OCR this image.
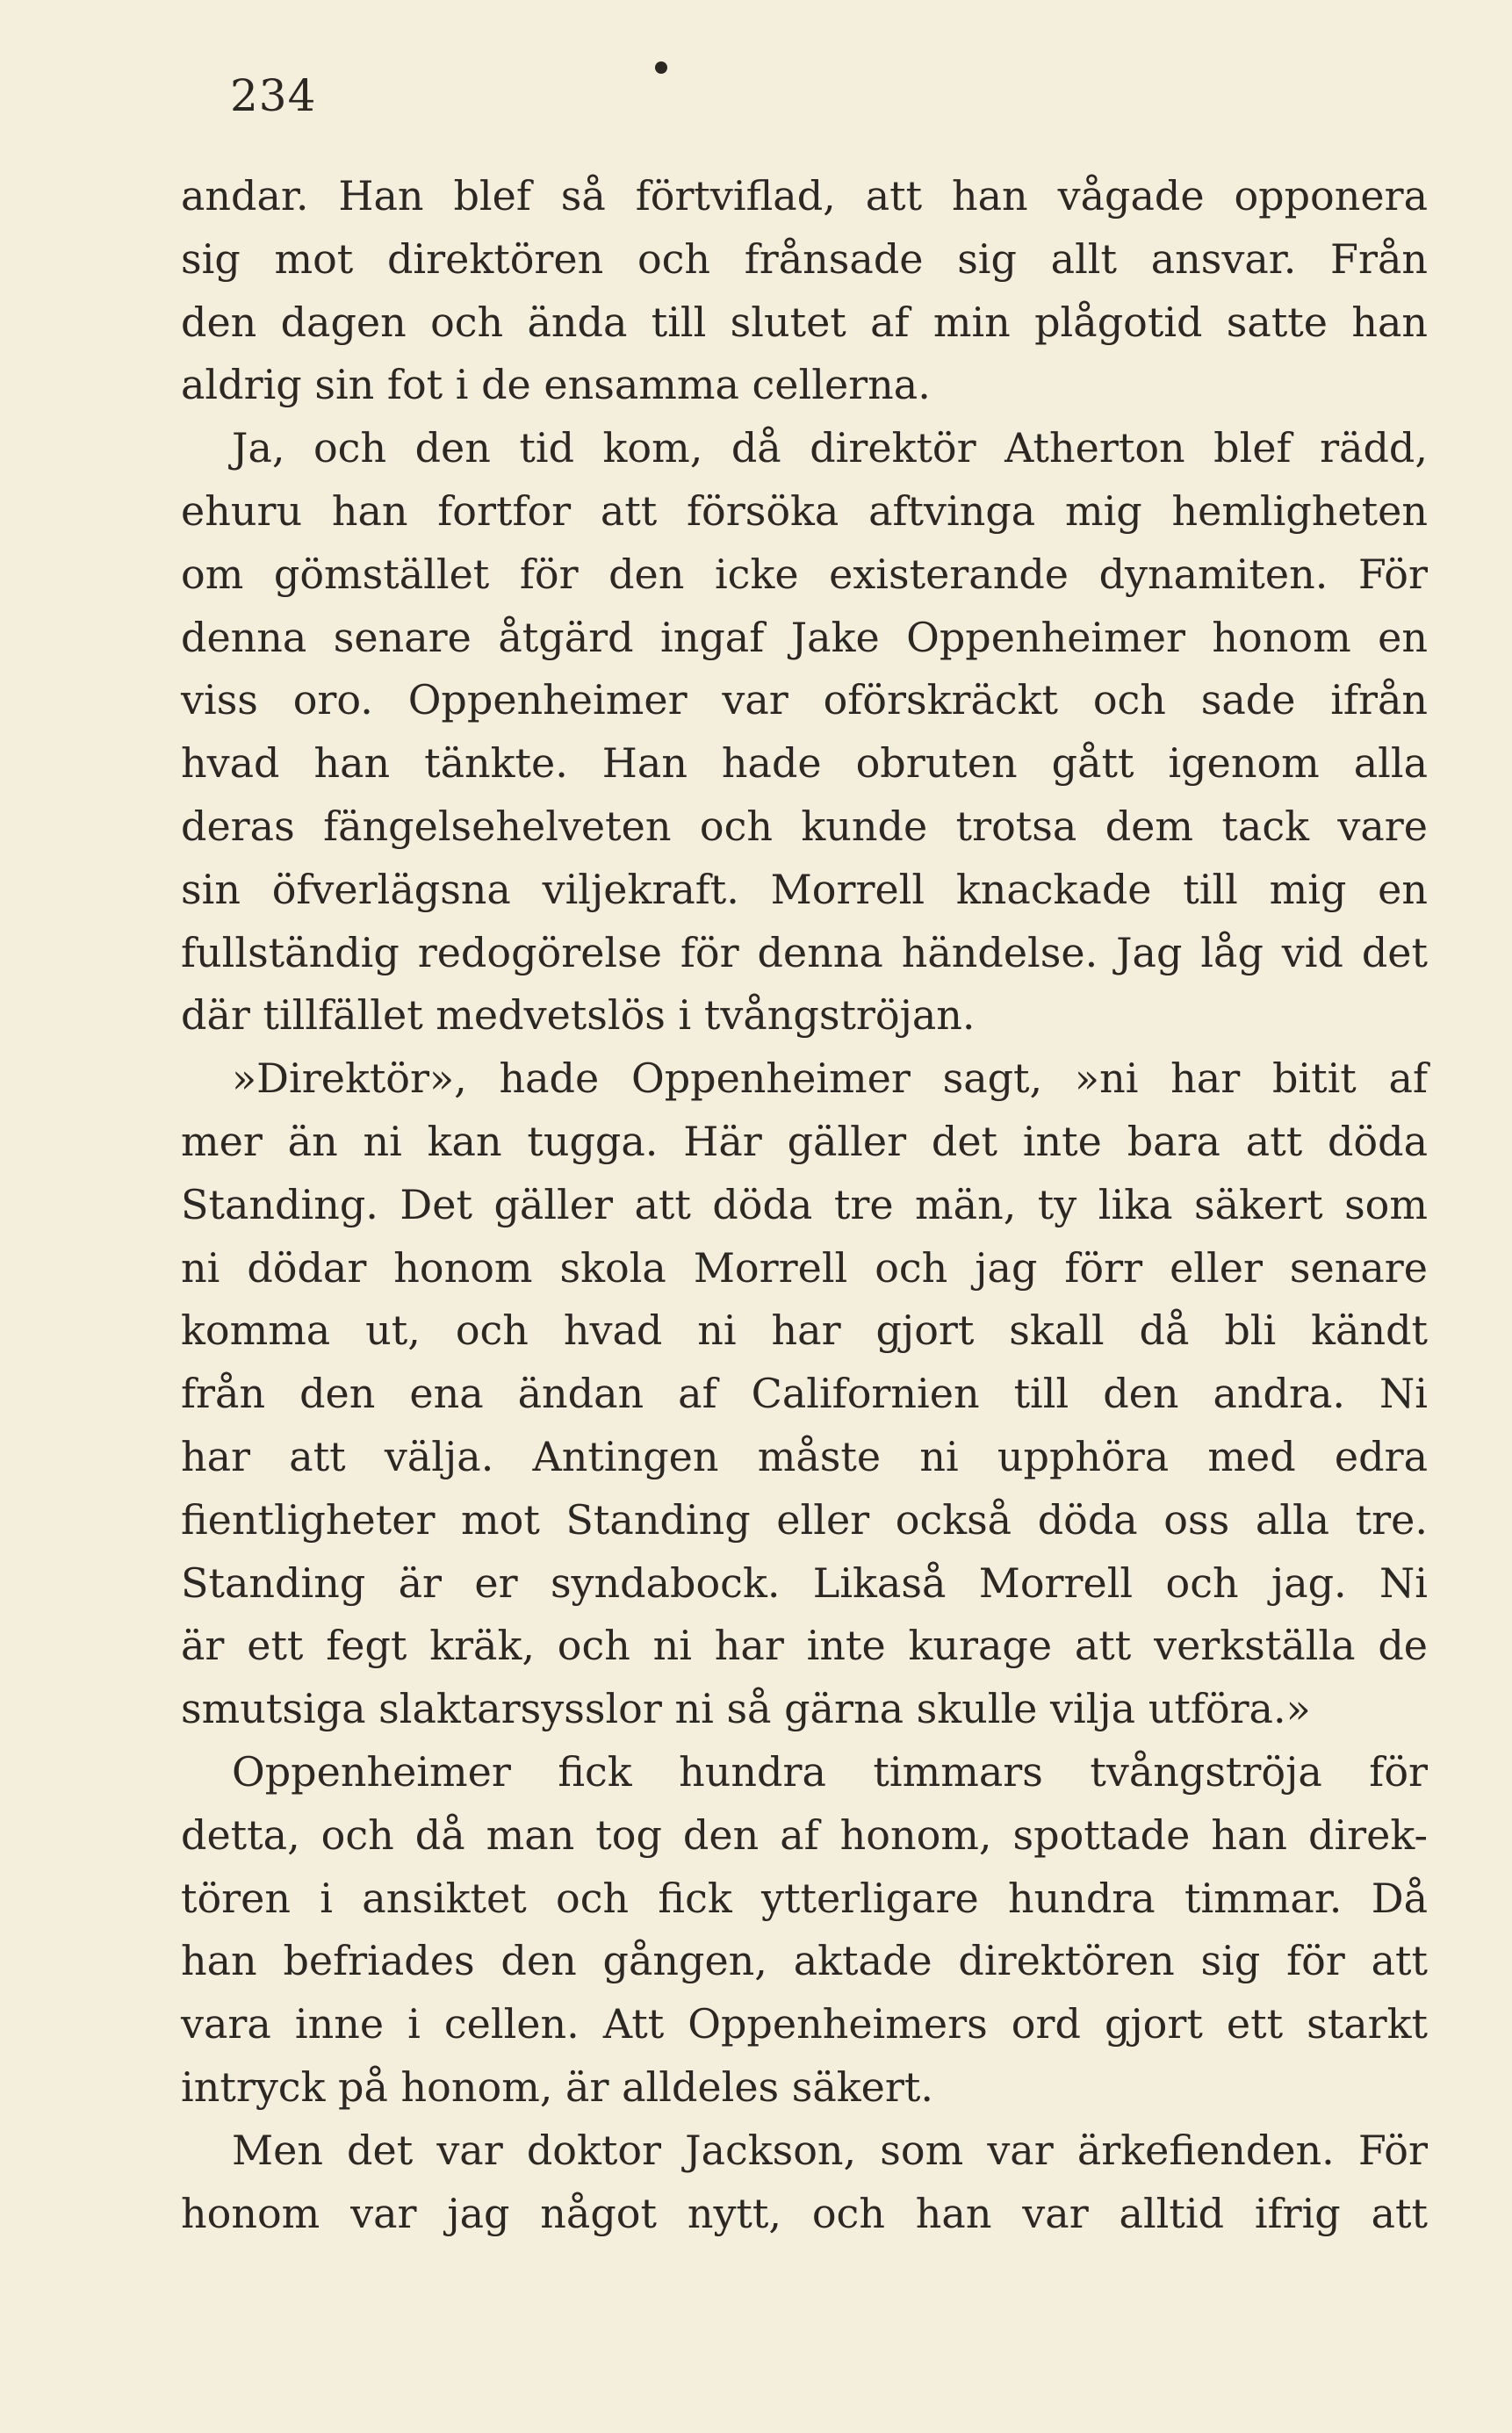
234
andar. Han blef så förtviflad, att han vågade opponera
sig mot direktören och frånsade sig allt ansvar. Från
den dagen och ända till slutet af min plågotid satte han
aldrig sin fot i de ensamma cellerna.
Ja, och den tid kom, då direktör Atherton blef rädd,
ehuru han fortfor att försöka aftvinga mig hemligheten
om gömstället för den icke existerande dynamiten. För
denna senare åtgärd ingaf Jake Oppenheimer honom en
viss oro. Oppenheimer var oförskräckt och sade ifrån
hvad han tänkte. Han hade obruten gått igenom alla
deras fängelsehelveten och kunde trotsa dem tack vare
sin öfverlägsna viljekraft. Morrell knackade till mig en
fullständig redogörelse för denna händelse. Jag låg vid det
där tillfället medvetslös i tvångströjan.
»Direktör», hade Oppenheimer sagt, »ni har bitit af
mer än ni kan tugga. Här gäller det inte bara att döda
Standing. Det gäller att döda tre män, ty lika säkert som
ni dödar honom skola Morrell och jag förr eller senare
komma ut, och hvad ni har gjort skall då bli kändt
från den ena ändan af Californien till den andra. Ni
har att välja. Antingen måste ni upphöra med edra
fientligheter mot Standing eller också döda oss alla tre.
Standing är er syndabock. Likaså Morrell och jag. Ni
är ett fegt kräk, och ni har inte kurage att verkställa de
smutsiga slaktarsysslor ni så gärna skulle vilja utföra.»
Oppenheimer fick hundra timmars tvångströja för
detta, och då man tog den af honom, spottade han direk-
tören i ansiktet och fick ytterligare hundra timmar. Då
han befriades den gången, aktade direktören sig för att
vara inne i cellen. Att Oppenheimers ord gjort ett starkt
intryck på honom, är alldeles säkert.
Men det var doktor Jackson, som var ärkefienden. För
honom var jag något nytt, och han var alltid ifrig att
